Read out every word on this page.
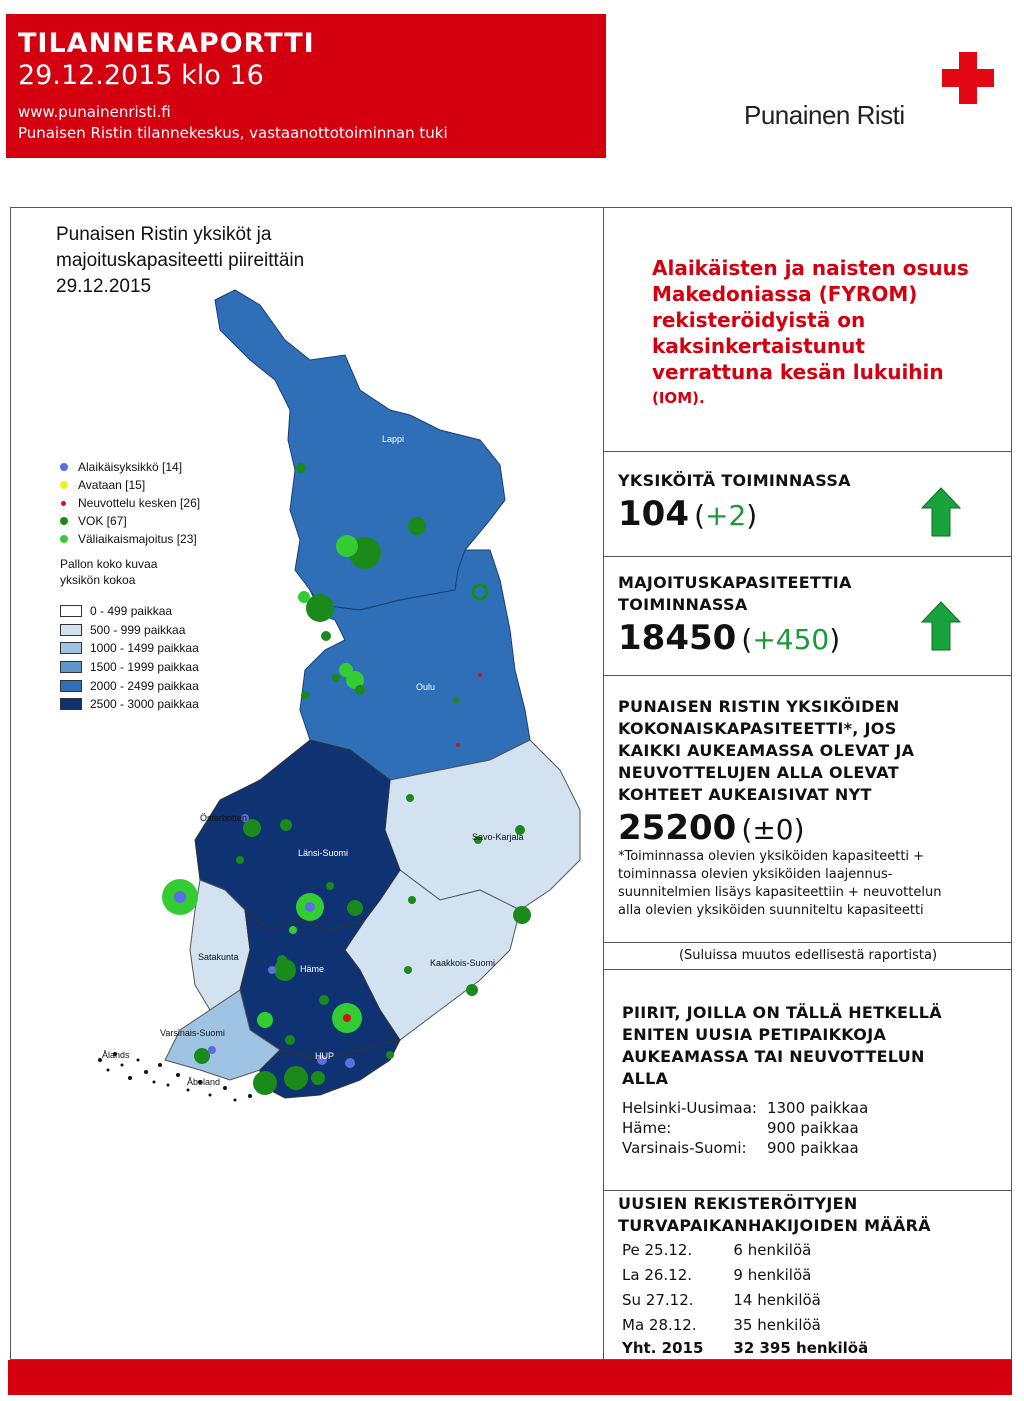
TILANNERAPORTTI
29.12.2015 klo 16
www.punainenristi.fi
Punaisen Ristin tilannekeskus, vastaanottotoiminnan tuki
Punainen Risti
Punaisen Ristin yksiköt ja
majoituskapasiteetti piireittäin
29.12.2015
Lappi
Oulu
Länsi-Suomi
Häme
HUP
Österbotten
Savo-Karjala
Satakunta
Kaakkois-Suomi
Varsinais-Suomi
Ålands
Åboland
Alaikäisyksikkö [14]
Avataan [15]
Neuvottelu kesken [26]
VOK [67]
Väliaikaismajoitus [23]
Pallon koko kuvaa
yksikön kokoa
0 - 499 paikkaa
500 - 999 paikkaa
1000 - 1499 paikkaa
1500 - 1999 paikkaa
2000 - 2499 paikkaa
2500 - 3000 paikkaa
Alaikäisten ja naisten osuus
Makedoniassa (FYROM)
rekisteröidyistä on
kaksinkertaistunut
verrattuna kesän lukuihin
(IOM).
YKSIKÖITÄ TOIMINNASSA
104 (+2)
MAJOITUSKAPASITEETTIA
TOIMINNASSA
18450 (+450)
PUNAISEN RISTIN YKSIKÖIDEN
KOKONAISKAPASITEETTI*, JOS
KAIKKI AUKEAMASSA OLEVAT JA
NEUVOTTELUJEN ALLA OLEVAT
KOHTEET AUKEAISIVAT NYT
25200 (±0)
*Toiminnassa olevien yksiköiden kapasiteetti +
toiminnassa olevien yksiköiden laajennus-
suunnitelmien lisäys kapasiteettiin + neuvottelun
alla olevien yksiköiden suunniteltu kapasiteetti
(Suluissa muutos edellisestä raportista)
PIIRIT, JOILLA ON TÄLLÄ HETKELLÄ
ENITEN UUSIA PETIPAIKKOJA
AUKEAMASSA TAI NEUVOTTELUN
ALLA
Helsinki-Uusimaa:	1300 paikkaa
Häme:	900 paikkaa
Varsinais-Suomi:	900 paikkaa
UUSIEN REKISTERÖITYJEN
TURVAPAIKANHAKIJOIDEN MÄÄRÄ
Pe 25.12.	6 henkilöä
La 26.12.	9 henkilöä
Su 27.12.	14 henkilöä
Ma 28.12.	35 henkilöä
Yht. 2015	32 395 henkilöä
